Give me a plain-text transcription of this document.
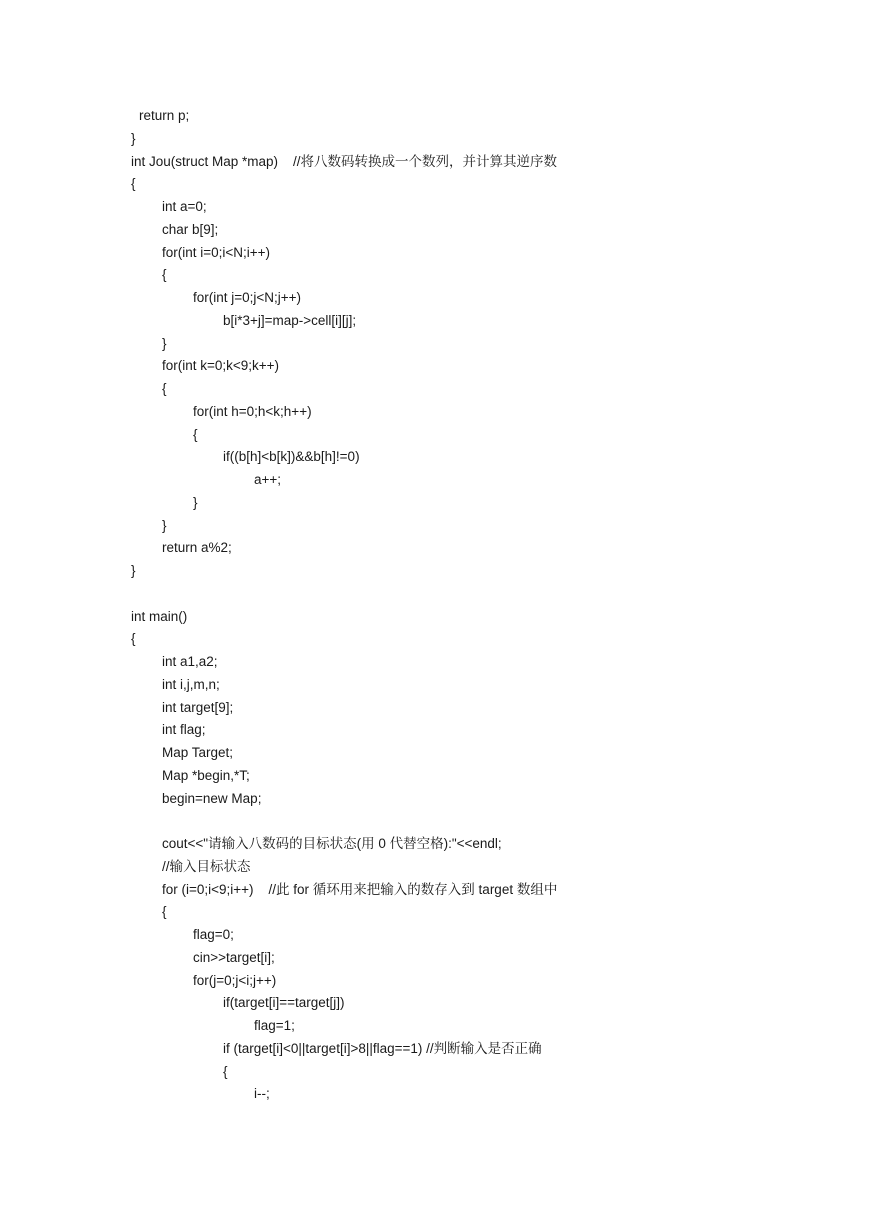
return p;
}
int Jou(struct Map *map)    //将八数码转换成一个数列，并计算其逆序数
{
int a=0;
char b[9];
for(int i=0;i<N;i++)
{
for(int j=0;j<N;j++)
b[i*3+j]=map->cell[i][j];
}
for(int k=0;k<9;k++)
{
for(int h=0;h<k;h++)
{
if((b[h]<b[k])&&b[h]!=0)
a++;
}
}
return a%2;
}
int main()
{
int a1,a2;
int i,j,m,n;
int target[9];
int flag;
Map Target;
Map *begin,*T;
begin=new Map;
cout<<"请输入八数码的目标状态(用 0 代替空格):"<<endl;
//输入目标状态
for (i=0;i<9;i++)    //此 for 循环用来把输入的数存入到 target 数组中
{
flag=0;
cin>>target[i];
for(j=0;j<i;j++)
if(target[i]==target[j])
flag=1;
if (target[i]<0||target[i]>8||flag==1) //判断输入是否正确
{
i--;
